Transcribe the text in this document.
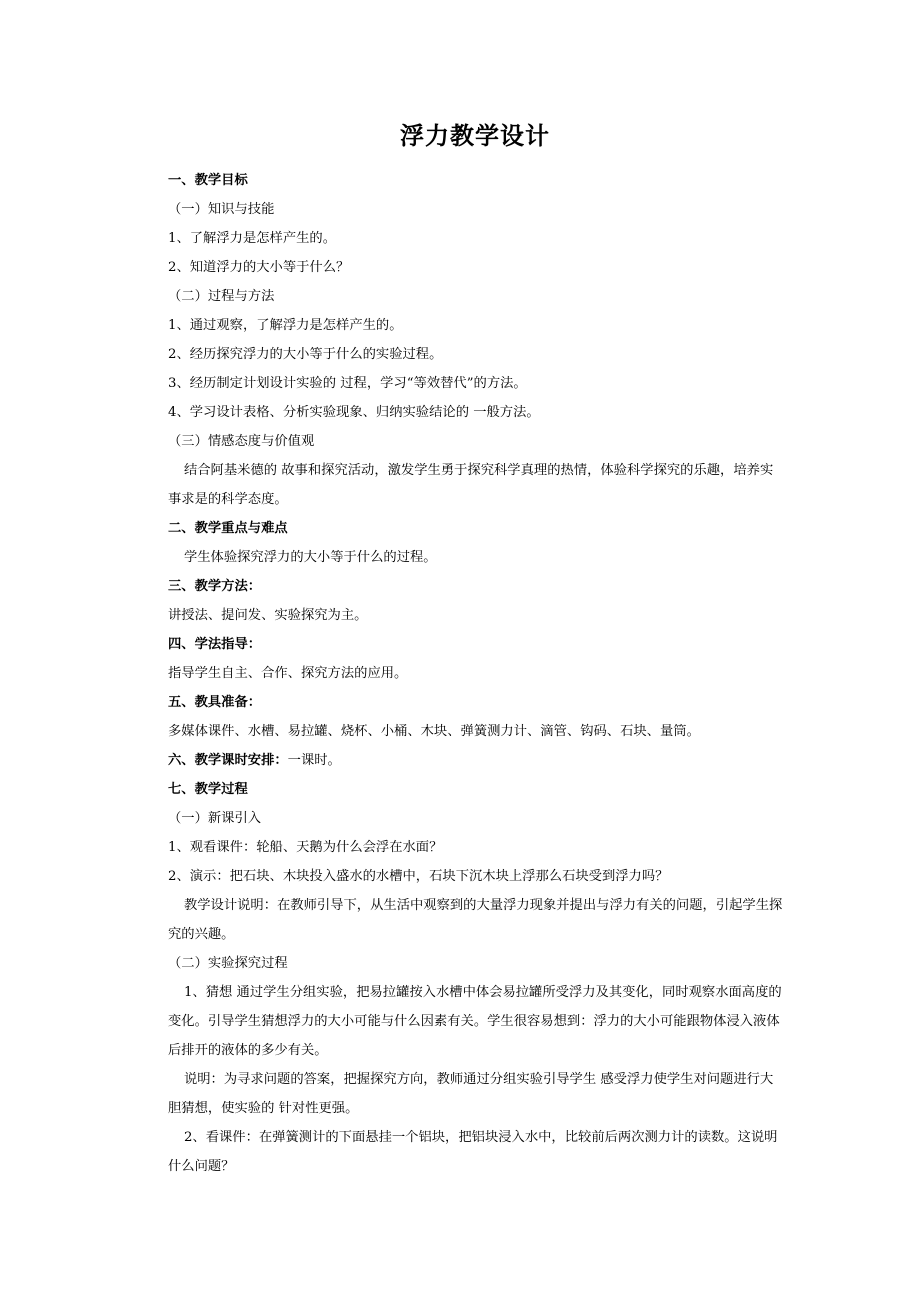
浮力教学设计

一、教学目标

（一）知识与技能

1、了解浮力是怎样产生的。

2、知道浮力的大小等于什么？

（二）过程与方法

1、通过观察，了解浮力是怎样产生的。

2、经历探究浮力的大小等于什么的实验过程。

3、经历制定计划设计实验的 过程，学习“等效替代”的方法。

4、学习设计表格、分析实验现象、归纳实验结论的 一般方法。

（三）情感态度与价值观

结合阿基米德的 故事和探究活动，激发学生勇于探究科学真理的热情，体验科学探究的乐趣，培养实事求是的科学态度。

二、教学重点与难点

学生体验探究浮力的大小等于什么的过程。

三、教学方法：

讲授法、提问发、实验探究为主。

四、学法指导：

指导学生自主、合作、探究方法的应用。

五、教具准备：

多媒体课件、水槽、易拉罐、烧杯、小桶、木块、弹簧测力计、滴管、钩码、石块、量筒。

六、教学课时安排：一课时。

七、教学过程

（一）新课引入

1、观看课件：轮船、天鹅为什么会浮在水面？

2、演示：把石块、木块投入盛水的水槽中，石块下沉木块上浮那么石块受到浮力吗？

教学设计说明：在教师引导下，从生活中观察到的大量浮力现象并提出与浮力有关的问题，引起学生探究的兴趣。

（二）实验探究过程

1、猜想 通过学生分组实验，把易拉罐按入水槽中体会易拉罐所受浮力及其变化，同时观察水面高度的变化。引导学生猜想浮力的大小可能与什么因素有关。学生很容易想到：浮力的大小可能跟物体浸入液体后排开的液体的多少有关。

说明：为寻求问题的答案，把握探究方向，教师通过分组实验引导学生 感受浮力使学生对问题进行大胆猜想，使实验的 针对性更强。

2、看课件：在弹簧测计的下面悬挂一个铝块，把铝块浸入水中，比较前后两次测力计的读数。这说明什么问题？
